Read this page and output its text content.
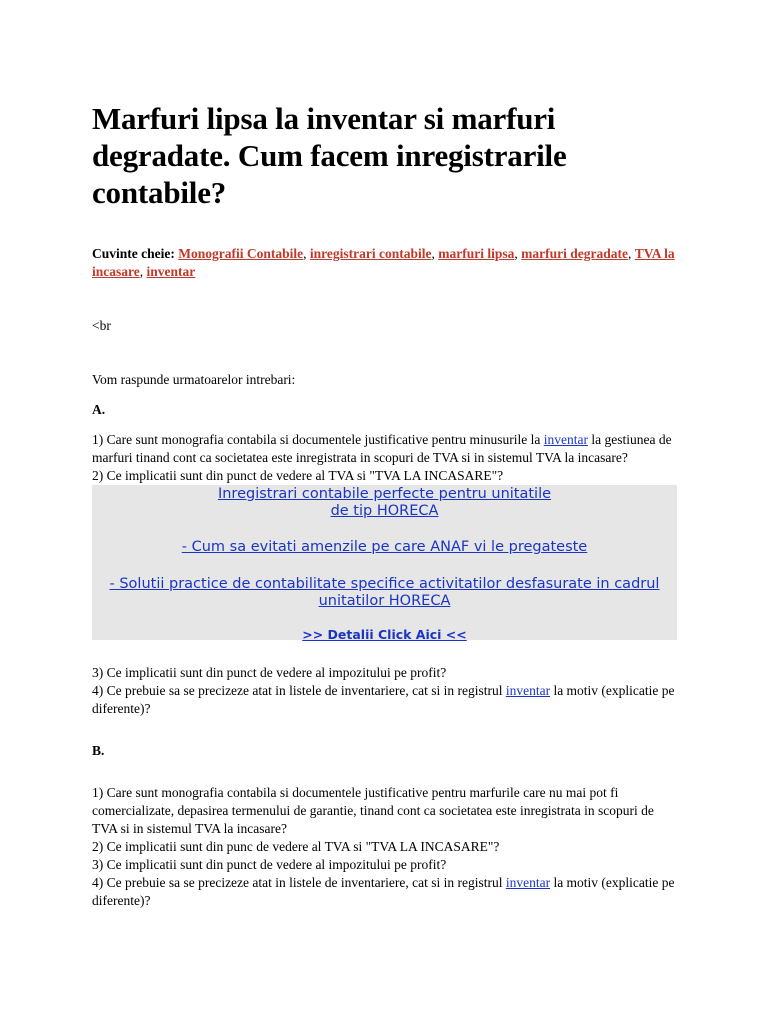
Marfuri lipsa la inventar si marfuri degradate. Cum facem inregistrarile contabile?
Cuvinte cheie: Monografii Contabile, inregistrari contabile, marfuri lipsa, marfuri degradate, TVA la incasare, inventar
<br
Vom raspunde urmatoarelor intrebari:
A.
1) Care sunt monografia contabila si documentele justificative pentru minusurile la inventar la gestiunea de marfuri tinand cont ca societatea este inregistrata in scopuri de TVA si in sistemul TVA la incasare?
2) Ce implicatii sunt din punct de vedere al TVA si "TVA LA INCASARE"?
Inregistrari contabile perfecte pentru unitatile de tip HORECA
- Cum sa evitati amenzile pe care ANAF vi le pregateste
- Solutii practice de contabilitate specifice activitatilor desfasurate in cadrul unitatilor HORECA
>> Detalii Click Aici <<
3) Ce implicatii sunt din punct de vedere al impozitului pe profit?
4) Ce prebuie sa se precizeze atat in listele de inventariere, cat si in registrul inventar la motiv (explicatie pe diferente)?
B.
1) Care sunt monografia contabila si documentele justificative pentru marfurile care nu mai pot fi comercializate, depasirea termenului de garantie, tinand cont ca societatea este inregistrata in scopuri de TVA si in sistemul TVA la incasare?
2) Ce implicatii sunt din punc de vedere al TVA si "TVA LA INCASARE"?
3) Ce implicatii sunt din punct de vedere al impozitului pe profit?
4) Ce prebuie sa se precizeze atat in listele de inventariere, cat si in registrul inventar la motiv (explicatie pe diferente)?
